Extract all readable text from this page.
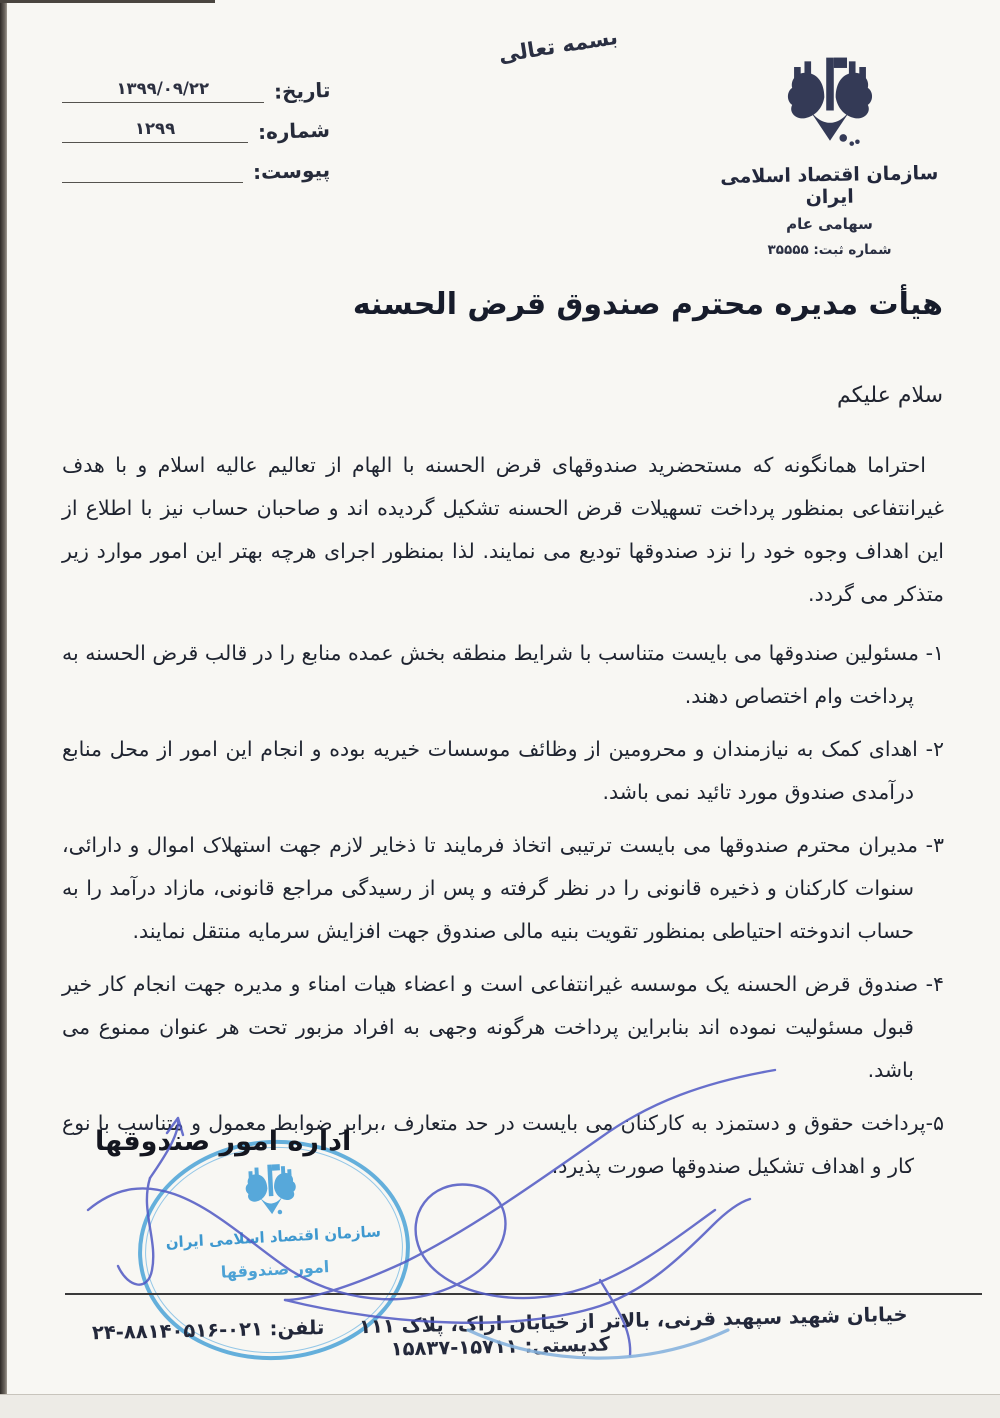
بسمه تعالی
تاریخ:
۱۳۹۹/۰۹/۲۲
شماره:
۱۲۹۹
پیوست:	سازمان اقتصاد اسلامی ایران
سهامی عام
شماره ثبت: ۳۵۵۵۵
هیأت مدیره محترم صندوق قرض الحسنه
سلام علیکم

احتراما همانگونه که مستحضرید صندوقهای قرض الحسنه با الهام از تعالیم عالیه اسلام و با هدف غیرانتفاعی بمنظور پرداخت تسهیلات قرض الحسنه تشکیل گردیده اند و صاحبان حساب نیز با اطلاع از این اهداف وجوه خود را نزد صندوقها تودیع می نمایند. لذا بمنظور اجرای هرچه بهتر این امور موارد زیر متذکر می گردد.

۱- مسئولین صندوقها می بایست متناسب با شرایط منطقه بخش عمده منابع را در قالب قرض الحسنه به پرداخت وام اختصاص دهند.

۲- اهدای کمک به نیازمندان و محرومین از وظائف موسسات خیریه بوده و انجام این امور از محل منابع درآمدی صندوق مورد تائید نمی باشد.

۳- مدیران محترم صندوقها می بایست ترتیبی اتخاذ فرمایند تا ذخایر لازم جهت استهلاک اموال و دارائی، سنوات کارکنان و ذخیره قانونی را در نظر گرفته و پس از رسیدگی مراجع قانونی، مازاد درآمد را به حساب اندوخته احتیاطی بمنظور تقویت بنیه مالی صندوق جهت افزایش سرمایه منتقل نمایند.

۴- صندوق قرض الحسنه یک موسسه غیرانتفاعی است و اعضاء هیات امناء و مدیره جهت انجام کار خیر قبول مسئولیت نموده اند بنابراین پرداخت هرگونه وجهی به افراد مزبور تحت هر عنوان ممنوع می باشد.

۵-پرداخت حقوق و دستمزد به کارکنان می بایست در حد متعارف ،برابر ضوابط معمول و متناسب با نوع کار و اهداف تشکیل صندوقها صورت پذیرد.

اداره امور صندوقها
سازمان اقتصاد اسلامی ایران
امور صندوقها
خیابان شهید سپهبد قرنی، بالاتر از خیابان اراک، پلاک ۱۱۱ تلفن: ۰۲۱-۸۸۱۴۰۵۱۶-۲۴ کدپستی: ۱۵۷۱۱-۱۵۸۳۷
